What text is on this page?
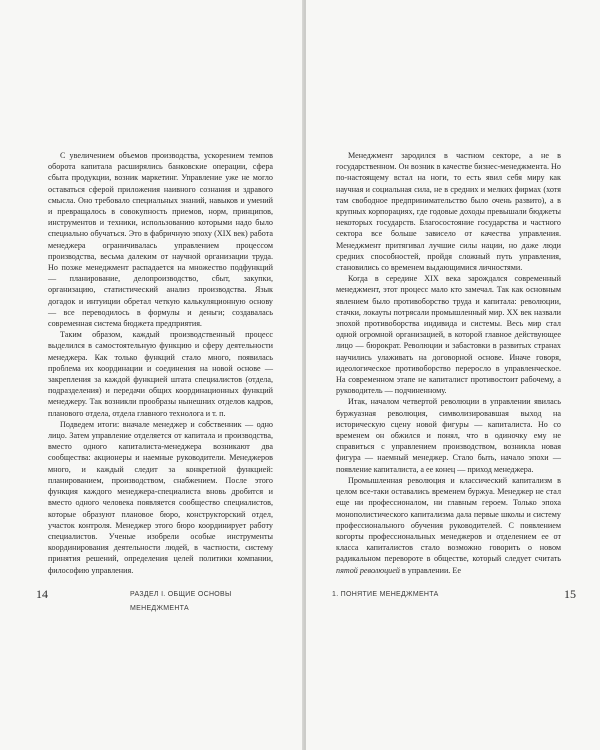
С увеличением объемов производства, ускорением темпов оборота капитала расширялись банковские операции, сфера сбыта продукции, возник маркетинг. Управление уже не могло оставаться сферой приложения наивного сознания и здравого смысла. Оно требовало специальных знаний, навыков и умений и превращалось в совокупность приемов, норм, принципов, инструментов и техники, использованию которыми надо было специально обучаться. Это в фабричную эпоху (XIX век) работа менеджера ограничивалась управлением процессом производства, весьма далеким от научной организации труда. Но позже менеджмент распадается на множество подфункций — планирование, делопроизводство, сбыт, закупки, организацию, статистический анализ производства. Язык догадок и интуиции обретал четкую калькуляционную основу — все переводилось в формулы и деньги; создавалась современная система бюджета предприятия.

Таким образом, каждый производственный процесс выделился в самостоятельную функцию и сферу деятельности менеджера. Как только функций стало много, появилась проблема их координации и соединения на новой основе — закрепления за каждой функцией штата специалистов (отдела, подразделения) и передачи общих координационных функций менеджеру. Так возникли прообразы нынешних отделов кадров, планового отдела, отдела главного технолога и т. п.

Подведем итоги: вначале менеджер и собственник — одно лицо. Затем управление отделяется от капитала и производства, вместо одного капиталиста-менеджера возникают два сообщества: акционеры и наемные руководители. Менеджеров много, и каждый следит за конкретной функцией: планированием, производством, снабжением. После этого функция каждого менеджера-специалиста вновь дробится и вместо одного человека появляется сообщество специалистов, которые образуют плановое бюро, конструкторский отдел, участок контроля. Менеджер этого бюро координирует работу специалистов. Ученые изобрели особые инструменты координирования деятельности людей, в частности, систему принятия решений, определения целей политики компании, философию управления.

14	РАЗДЕЛ I. ОБЩИЕ ОСНОВЫ МЕНЕДЖМЕНТА

Менеджмент зародился в частном секторе, а не в государственном. Он возник в качестве бизнес-менеджмента. Но по-настоящему встал на ноги, то есть явил себя миру как научная и социальная сила, не в средних и мелких фирмах (хотя там свободное предпринимательство было очень развито), а в крупных корпорациях, где годовые доходы превышали бюджеты некоторых государств. Благосостояние государства и частного сектора все больше зависело от качества управления. Менеджмент притягивал лучшие силы нации, но даже люди средних способностей, пройдя сложный путь управления, становились со временем выдающимися личностями.

Когда в середине XIX века зарождался современный менеджмент, этот процесс мало кто замечал. Так как основным явлением было противоборство труда и капитала: революции, стачки, локауты потрясали промышленный мир. XX век назвали эпохой противоборства индивида и системы. Весь мир стал одной огромной организацией, в которой главное действующее лицо — бюрократ. Революции и забастовки в развитых странах научились улаживать на договорной основе. Иначе говоря, идеологическое противоборство переросло в управленческое. На современном этапе не капиталист противостоит рабочему, а руководитель — подчиненному.

Итак, началом четвертой революции в управлении явилась буржуазная революция, символизировавшая выход на историческую сцену новой фигуры — капиталиста. Но со временем он обжился и понял, что в одиночку ему не справиться с управлением производством, возникла новая фигура — наемный менеджер. Стало быть, начало эпохи — появление капиталиста, а ее конец — приход менеджера.

Промышленная революция и классический капитализм в целом все-таки оставались временем буржуа. Менеджер не стал еще ни профессионалом, ни главным героем. Только эпоха монополистического капитализма дала первые школы и систему профессионального обучения руководителей. С появлением когорты профессиональных менеджеров и отделением ее от класса капиталистов стало возможно говорить о новом радикальном перевороте в обществе, который следует считать пятой революцией в управлении. Ее

1. ПОНЯТИЕ МЕНЕДЖМЕНТА	15
